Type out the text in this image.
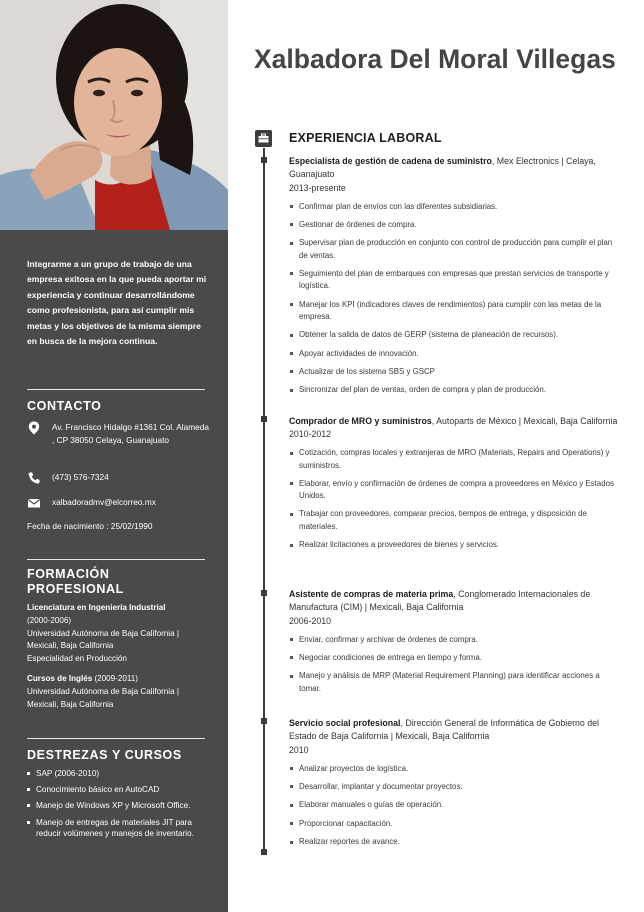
Integrarme a un grupo de trabajo de una empresa exitosa en la que pueda aportar mi experiencia y continuar desarrollándome como profesionista, para así cumplir mis metas y los objetivos de la misma siempre en busca de la mejora continua.

CONTACTO
Av. Francisco Hidalgo #1361 Col. Alameda , CP 38050 Celaya, Guanajuato
(473) 576-7324
xalbadoradmv@elcorreo.mx
Fecha de nacimiento : 25/02/1990
FORMACIÓN
PROFESIONAL
Licenciatura en Ingeniería Industrial
(2000-2006)
Universidad Autónoma de Baja California | Mexicali, Baja California
Especialidad en Producción
Cursos de Inglés (2009-2011)
Universidad Autónoma de Baja California | Mexicali, Baja California
DESTREZAS Y CURSOS
SAP (2006-2010)
Conocimiento básico en AutoCAD
Manejo de Windows XP y Microsoft Office.
Manejo de entregas de materiales JIT para reducir volúmenes y manejos de inventario.
Xalbadora Del Moral Villegas
EXPERIENCIA LABORAL
Especialista de gestión de cadena de suministro, Mex Electronics | Celaya, Guanajuato
2013-presente
Confirmar plan de envíos con las diferentes subsidiarias.
Gestionar de órdenes de compra.
Supervisar plan de producción en conjunto con control de producción para cumplir el plan de ventas.
Seguimiento del plan de embarques con empresas que prestan servicios de transporte y logística.
Manejar los KPI (indicadores claves de rendimientos) para cumplir con las metas de la empresa.
Obtener la salida de datos de GERP (sistema de planeación de recursos).
Apoyar actividades de innovación.
Actualizar de los sistema SBS y GSCP
Sincronizar del plan de ventas, orden de compra y plan de producción.
Comprador de MRO y suministros, Autoparts de México | Mexicali, Baja California
2010-2012
Cotización, compras locales y extranjeras de MRO (Materials, Repairs and Operations) y suministros.
Elaborar, envío y confirmación de órdenes de compra a proveedores en México y Estados Unidos.
Trabajar con proveedores, comparar precios, tiempos de entrega, y disposición de materiales.
Realizar licitaciones a proveedores de bienes y servicios.
Asistente de compras de materia prima, Conglomerado Internacionales de Manufactura (CIM) | Mexicali, Baja California
2006-2010
Enviar, confirmar y archivar de órdenes de compra.
Negociar condiciones de entrega en tiempo y forma.
Manejo y análisis de MRP (Material Requirement Planning) para identificar acciones a tomar.
Servicio social profesional, Dirección General de Informática de Gobierno del Estado de Baja California | Mexicali, Baja California
2010
Analizar proyectos de logística.
Desarrollar, implantar y documentar proyectos.
Elaborar manuales o guías de operación.
Proporcionar capacitación.
Realizar reportes de avance.
